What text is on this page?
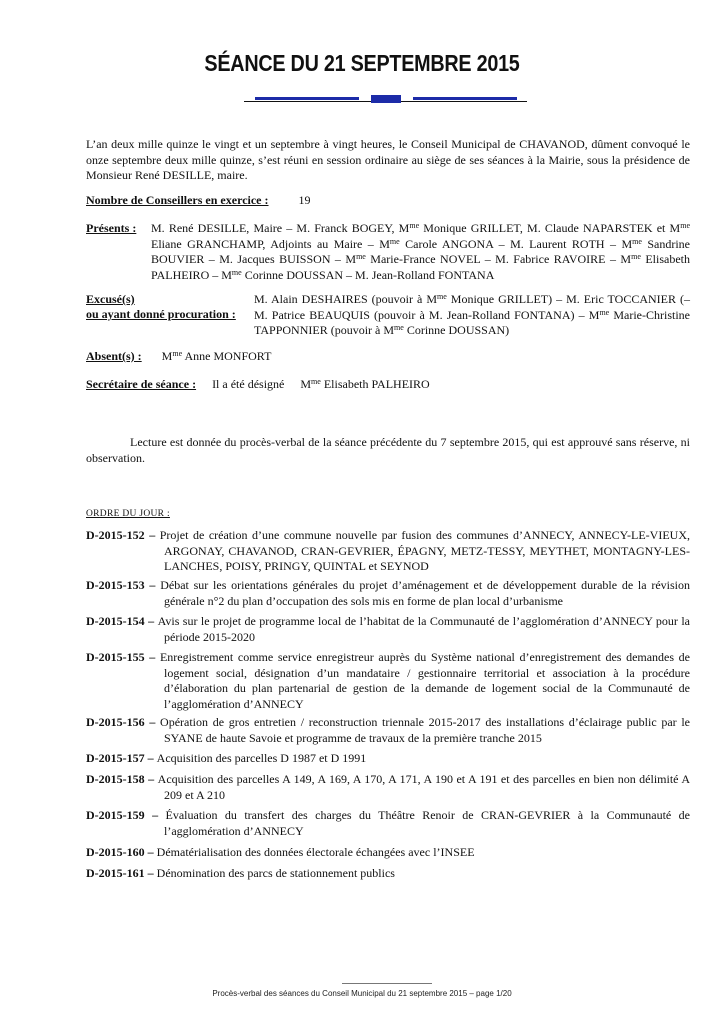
SÉANCE DU 21 SEPTEMBRE 2015
L’an deux mille quinze le vingt et un septembre à vingt heures, le Conseil Municipal de CHAVANOD, dûment convoqué le onze septembre deux mille quinze, s’est réuni en session ordinaire au siège de ses séances à la Mairie, sous la présidence de Monsieur René DESILLE, maire.
Nombre de Conseillers en exercice :	19
Présents : M. René DESILLE, Maire – M. Franck BOGEY, $M^{me}$ Monique GRILLET, M. Claude NAPARSTEK et $M^{me}$ Eliane GRANCHAMP, Adjoints au Maire – $M^{me}$ Carole ANGONA – M. Laurent ROTH – $M^{me}$ Sandrine BOUVIER – M. Jacques BUISSON – $M^{me}$ Marie-France NOVEL – M. Fabrice RAVOIRE – $M^{me}$ Elisabeth PALHEIRO – $M^{me}$ Corinne DOUSSAN – M. Jean-Rolland FONTANA
Excusé(s)
ou ayant donné procuration :
M. Alain DESHAIRES (pouvoir à $M^{me}$ Monique GRILLET) – M. Eric TOCCANIER (– M. Patrice BEAUQUIS (pouvoir à M. Jean-Rolland FONTANA) – $M^{me}$ Marie-Christine TAPPONNIER (pouvoir à $M^{me}$ Corinne DOUSSAN)
Absent(s) : $M^{me}$ Anne MONFORT
Secrétaire de séance : Il a été désigné $M^{me}$ Elisabeth PALHEIRO
Lecture est donnée du procès-verbal de la séance précédente du 7 septembre 2015, qui est approuvé sans réserve, ni observation.
ORDRE DU JOUR :
D-2015-152 – Projet de création d’une commune nouvelle par fusion des communes d’ANNECY, ANNECY-LE-VIEUX, ARGONAY, CHAVANOD, CRAN-GEVRIER, ÉPAGNY, METZ-TESSY, MEYTHET, MONTAGNY-LES-LANCHES, POISY, PRINGY, QUINTAL et SEYNOD
D-2015-153 – Débat sur les orientations générales du projet d’aménagement et de développement durable de la révision générale n°2 du plan d’occupation des sols mis en forme de plan local d’urbanisme
D-2015-154 – Avis sur le projet de programme local de l’habitat de la Communauté de l’agglomération d’ANNECY pour la période 2015-2020
D-2015-155 – Enregistrement comme service enregistreur auprès du Système national d’enregistrement des demandes de logement social, désignation d’un mandataire / gestionnaire territorial et association à la procédure d’élaboration du plan partenarial de gestion de la demande de logement social de la Communauté de l’agglomération d’ANNECY
D-2015-156 – Opération de gros entretien / reconstruction triennale 2015-2017 des installations d’éclairage public par le SYANE de haute Savoie et programme de travaux de la première tranche 2015
D-2015-157 – Acquisition des parcelles D 1987 et D 1991
D-2015-158 – Acquisition des parcelles A 149, A 169, A 170, A 171, A 190 et A 191 et des parcelles en bien non délimité A 209 et A 210
D-2015-159 – Évaluation du transfert des charges du Théâtre Renoir de CRAN-GEVRIER à la Communauté de l’agglomération d’ANNECY
D-2015-160 – Dématérialisation des données électorale échangées avec l’INSEE
D-2015-161 – Dénomination des parcs de stationnement publics
Procès-verbal des séances du Conseil Municipal du 21 septembre 2015 – page 1/20
